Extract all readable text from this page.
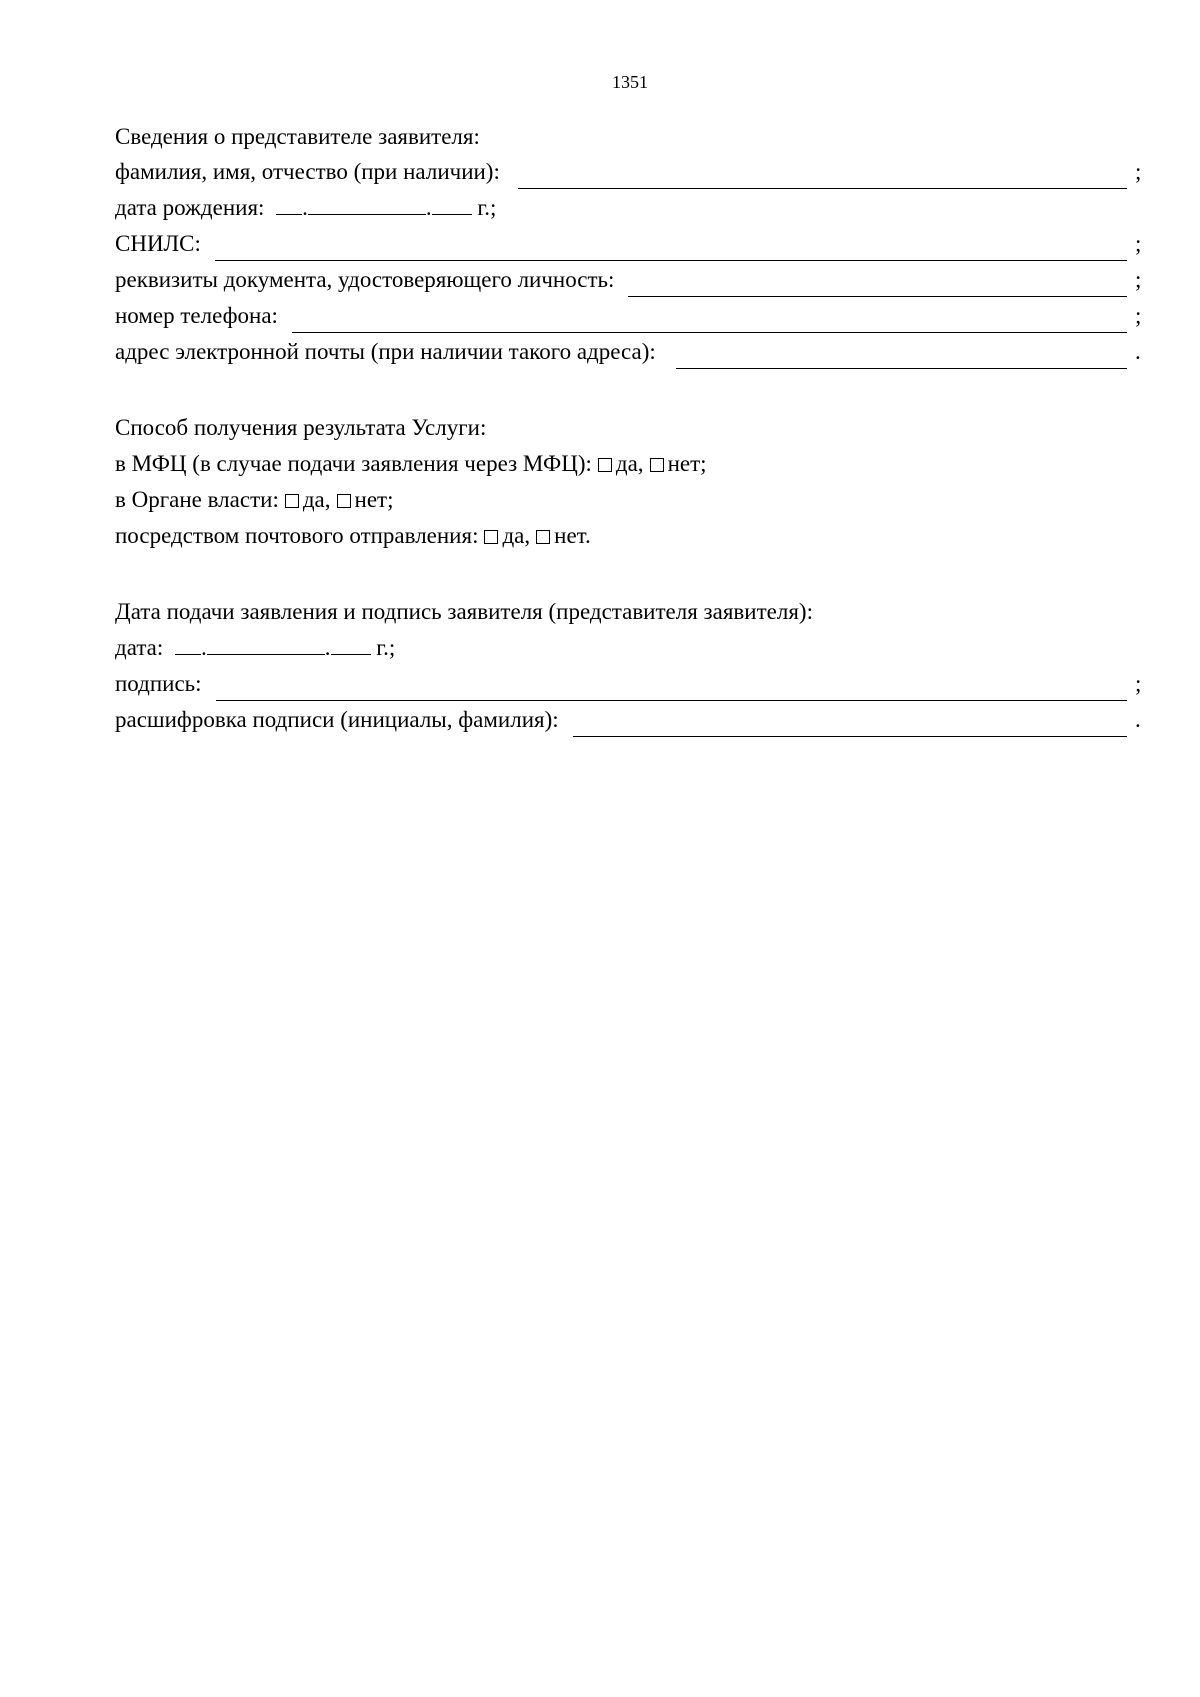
1351
Сведения о представителе заявителя:
фамилия, имя, отчество (при наличии):	;
дата рождения: .	. г.;
СНИЛС:	;
реквизиты документа, удостоверяющего личность:	;
номер телефона:	;
адрес электронной почты (при наличии такого адреса):	.
Способ получения результата Услуги:
в МФЦ (в случае подачи заявления через МФЦ): да, нет;
в Органе власти: да, нет;
посредством почтового отправления: да, нет.
Дата подачи заявления и подпись заявителя (представителя заявителя):
дата: .	. г.;
подпись:	;
расшифровка подписи (инициалы, фамилия):	.
